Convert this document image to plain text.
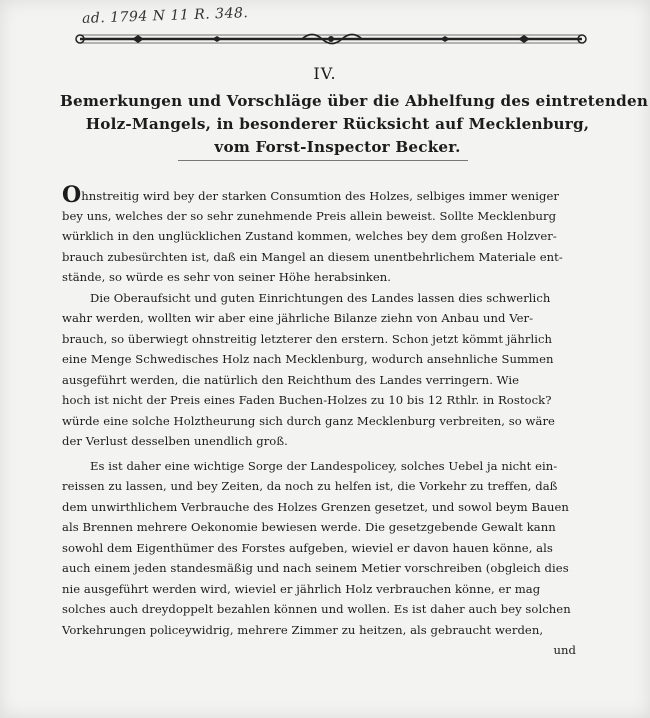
ad. 1794 N 11 R. 348.
IV.
Bemerkungen und Vorschläge über die Abhelfung des eintretenden
Holz-Mangels, in besonderer Rücksicht auf Mecklenburg,
vom Forst-Inspector Becker.
Ohnstreitig wird bey der starken Consumtion des Holzes, selbiges immer weniger
bey uns, welches der so sehr zunehmende Preis allein beweist. Sollte Mecklenburg
würklich in den unglücklichen Zustand kommen, welches bey dem großen Holzver-
brauch zubesürchten ist, daß ein Mangel an diesem unentbehrlichem Materiale ent-
stände, so würde es sehr von seiner Höhe herabsinken.
Die Oberaufsicht und guten Einrichtungen des Landes lassen dies schwerlich
wahr werden, wollten wir aber eine jährliche Bilanze ziehn von Anbau und Ver-
brauch, so überwiegt ohnstreitig letzterer den erstern. Schon jetzt kömmt jährlich
eine Menge Schwedisches Holz nach Mecklenburg, wodurch ansehnliche Summen
ausgeführt werden, die natürlich den Reichthum des Landes verringern. Wie
hoch ist nicht der Preis eines Faden Buchen-Holzes zu 10 bis 12 Rthlr. in Rostock?
würde eine solche Holztheurung sich durch ganz Mecklenburg verbreiten, so wäre
der Verlust desselben unendlich groß.
Es ist daher eine wichtige Sorge der Landespolicey, solches Uebel ja nicht ein-
reissen zu lassen, und bey Zeiten, da noch zu helfen ist, die Vorkehr zu treffen, daß
dem unwirthlichem Verbrauche des Holzes Grenzen gesetzet, und sowol beym Bauen
als Brennen mehrere Oekonomie bewiesen werde. Die gesetzgebende Gewalt kann
sowohl dem Eigenthümer des Forstes aufgeben, wieviel er davon hauen könne, als
auch einem jeden standesmäßig und nach seinem Metier vorschreiben (obgleich dies
nie ausgeführt werden wird, wieviel er jährlich Holz verbrauchen könne, er mag
solches auch dreydoppelt bezahlen können und wollen. Es ist daher auch bey solchen
Vorkehrungen policeywidrig, mehrere Zimmer zu heitzen, als gebraucht werden,
und
